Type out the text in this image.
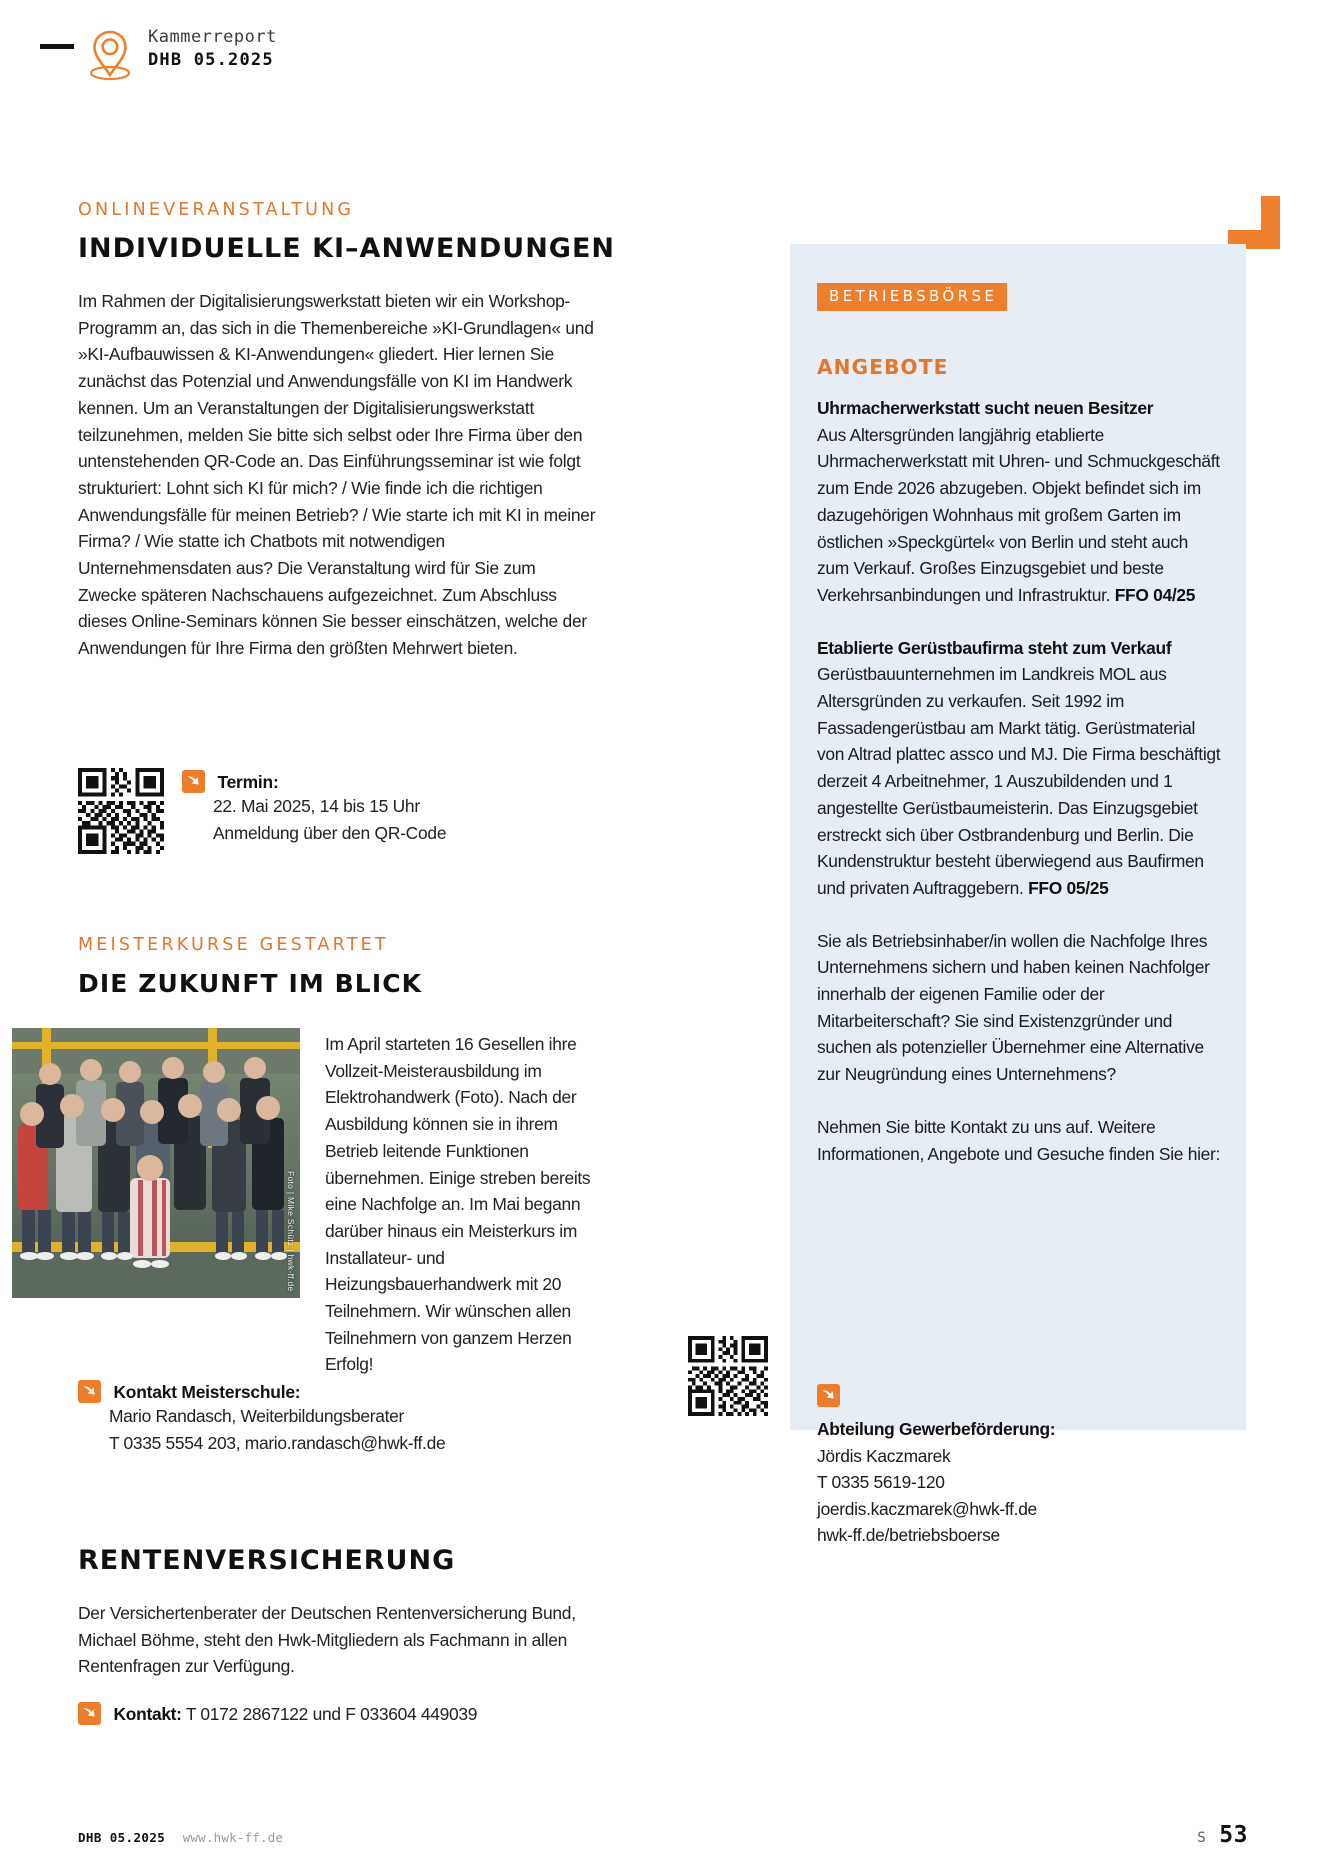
Kammerreport
DHB 05.2025
ONLINEVERANSTALTUNG
INDIVIDUELLE KI–ANWENDUNGEN

Im Rahmen der Digitalisierungswerkstatt bieten wir ein Workshop-Programm an, das sich in die Themenbereiche »KI-Grundlagen« und »KI-Aufbauwissen & KI-Anwendungen« gliedert. Hier lernen Sie zunächst das Potenzial und Anwendungsfälle von KI im Handwerk kennen. Um an Veranstaltungen der Digitalisierungswerkstatt teilzunehmen, melden Sie bitte sich selbst oder Ihre Firma über den untenstehenden QR-Code an. Das Einführungsseminar ist wie folgt strukturiert: Lohnt sich KI für mich? / Wie finde ich die richtigen Anwendungsfälle für meinen Betrieb? / Wie starte ich mit KI in meiner Firma? / Wie statte ich Chatbots mit notwendigen Unternehmensdaten aus? Die Veranstaltung wird für Sie zum Zwecke späteren Nachschauens aufgezeichnet. Zum Abschluss dieses Online-Seminars können Sie besser einschätzen, welche der Anwendungen für Ihre Firma den größten Mehrwert bieten.

Termin:
22. Mai 2025, 14 bis 15 Uhr
Anmeldung über den QR-Code
MEISTERKURSE GESTARTET
DIE ZUKUNFT IM BLICK
Foto | Mike Schütz | hwk-ff.de
Im April starteten 16 Gesellen ihre Vollzeit-Meisterausbildung im Elektrohandwerk (Foto). Nach der Ausbildung können sie in ihrem Betrieb leitende Funktionen übernehmen. Einige streben bereits eine Nachfolge an. Im Mai begann darüber hinaus ein Meisterkurs im Installateur- und Heizungsbauerhandwerk mit 20 Teilnehmern. Wir wünschen allen Teilnehmern von ganzem Herzen Erfolg!
Kontakt Meisterschule:
Mario Randasch, Weiterbildungsberater
T 0335 5554 203, mario.randasch@hwk-ff.de
RENTENVERSICHERUNG

Der Versichertenberater der Deutschen Rentenversicherung Bund, Michael Böhme, steht den Hwk-Mitgliedern als Fachmann in allen Rentenfragen zur Verfügung.

Kontakt: T 0172 2867122 und F 033604 449039
BETRIEBSBÖRSE
ANGEBOTE

Uhrmacherwerkstatt sucht neuen Besitzer
Aus Altersgründen langjährig etablierte Uhrmacherwerkstatt mit Uhren- und Schmuckgeschäft zum Ende 2026 abzugeben. Objekt befindet sich im dazugehörigen Wohnhaus mit großem Garten im östlichen »Speckgürtel« von Berlin und steht auch zum Verkauf. Großes Einzugsgebiet und beste Verkehrsanbindungen und Infrastruktur. FFO 04/25

Etablierte Gerüstbaufirma steht zum Verkauf
Gerüstbauunternehmen im Landkreis MOL aus Altersgründen zu verkaufen. Seit 1992 im Fassadengerüstbau am Markt tätig. Gerüstmaterial von Altrad plattec assco und MJ. Die Firma beschäftigt derzeit 4 Arbeitnehmer, 1 Auszubildenden und 1 angestellte Gerüstbaumeisterin. Das Einzugsgebiet erstreckt sich über Ostbrandenburg und Berlin. Die Kundenstruktur besteht überwiegend aus Baufirmen und privaten Auftraggebern. FFO 05/25

Sie als Betriebsinhaber/in wollen die Nachfolge Ihres Unternehmens sichern und haben keinen Nachfolger innerhalb der eigenen Familie oder der Mitarbeiterschaft? Sie sind Existenzgründer und suchen als potenzieller Übernehmer eine Alternative zur Neugründung eines Unternehmens?

Nehmen Sie bitte Kontakt zu uns auf. Weitere Informationen, Angebote und Gesuche finden Sie hier:

Abteilung Gewerbeförderung:
Jördis Kaczmarek
T 0335 5619-120
joerdis.kaczmarek@hwk-ff.de
hwk-ff.de/betriebsboerse
DHB 05.2025 www.hwk-ff.de	S 53
